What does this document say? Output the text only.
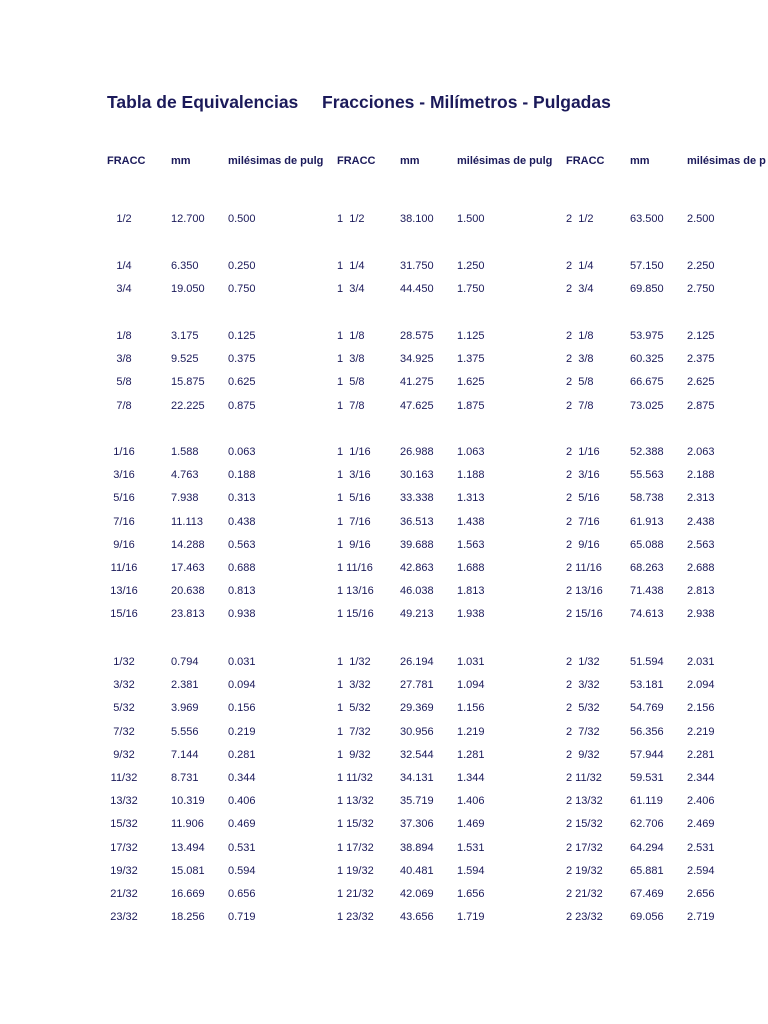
Tabla de Equivalencias Fracciones - Milímetros - Pulgadas
FRACC mm	milésimas de pulg FRACC mm	milésimas de pulg FRACC mm	milésimas de p
1/2	12.700 0.500	1  1/2	38.100 1.500	2  1/2	63.500 2.500
1/4	6.350	0.250	1  1/4	31.750 1.250	2  1/4	57.150 2.250
3/4	19.050 0.750	1  3/4	44.450 1.750	2  3/4	69.850 2.750
1/8	3.175	0.125	1  1/8	28.575 1.125	2  1/8	53.975 2.125
3/8	9.525	0.375	1  3/8	34.925 1.375	2  3/8	60.325 2.375
5/8	15.875 0.625	1  5/8	41.275 1.625	2  5/8	66.675 2.625
7/8	22.225 0.875	1  7/8	47.625 1.875	2  7/8	73.025 2.875
1/16	1.588	0.063	1  1/16	26.988 1.063	2  1/16	52.388 2.063
3/16	4.763	0.188	1  3/16	30.163 1.188	2  3/16	55.563 2.188
5/16	7.938	0.313	1  5/16	33.338 1.313	2  5/16	58.738 2.313
7/16	11.113 0.438	1  7/16	36.513 1.438	2  7/16	61.913 2.438
9/16	14.288 0.563	1  9/16	39.688 1.563	2  9/16	65.088 2.563
11/16	17.463 0.688	1 11/16 42.863 1.688	2 11/16	68.263 2.688
13/16	20.638 0.813	1 13/16 46.038 1.813	2 13/16 71.438 2.813
15/16	23.813 0.938	1 15/16 49.213 1.938	2 15/16 74.613 2.938
1/32	0.794	0.031	1  1/32	26.194 1.031	2  1/32	51.594 2.031
3/32	2.381	0.094	1  3/32	27.781 1.094	2  3/32	53.181 2.094
5/32	3.969	0.156	1  5/32	29.369 1.156	2  5/32	54.769 2.156
7/32	5.556	0.219	1  7/32	30.956 1.219	2  7/32	56.356 2.219
9/32	7.144	0.281	1  9/32	32.544 1.281	2  9/32	57.944 2.281
11/32	8.731	0.344	1 11/32 34.131 1.344	2 11/32	59.531 2.344
13/32	10.319 0.406	1 13/32 35.719 1.406	2 13/32 61.119 2.406
15/32	11.906 0.469	1 15/32 37.306 1.469	2 15/32 62.706 2.469
17/32	13.494 0.531	1 17/32 38.894 1.531	2 17/32 64.294 2.531
19/32	15.081 0.594	1 19/32 40.481 1.594	2 19/32 65.881 2.594
21/32	16.669 0.656	1 21/32 42.069 1.656	2 21/32 67.469 2.656
23/32	18.256 0.719	1 23/32 43.656 1.719	2 23/32 69.056 2.719
